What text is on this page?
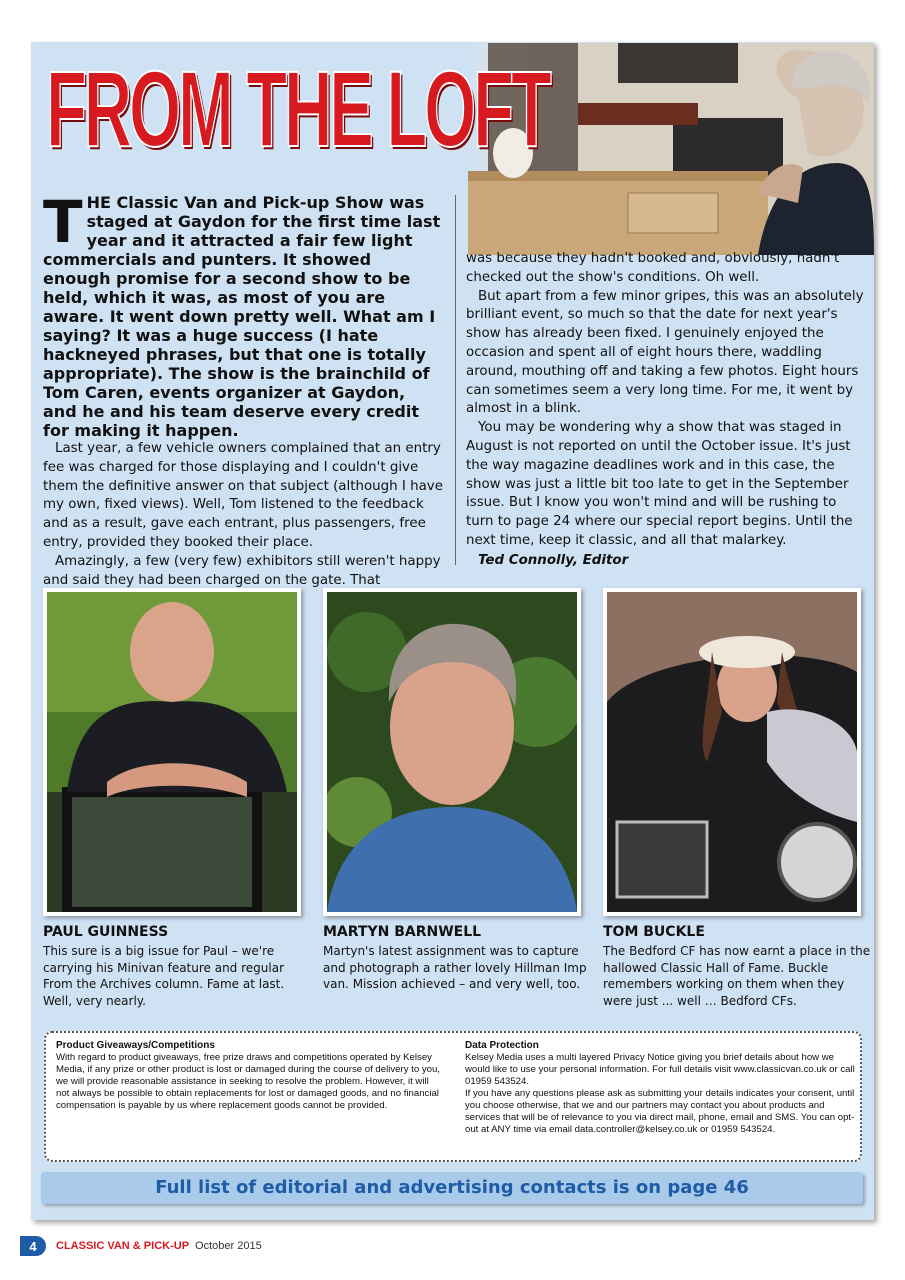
FROM THE LOFT
T HE Classic Van and Pick-up Show was staged at Gaydon for the first time last year and it attracted a fair few light commercials and punters. It showed enough promise for a second show to be held, which it was, as most of you are aware. It went down pretty well. What am I saying? It was a huge success (I hate hackneyed phrases, but that one is totally appropriate). The show is the brainchild of Tom Caren, events organizer at Gaydon, and he and his team deserve every credit for making it happen.

Last year, a few vehicle owners complained that an entry fee was charged for those displaying and I couldn't give them the definitive answer on that subject (although I have my own, fixed views). Well, Tom listened to the feedback and as a result, gave each entrant, plus passengers, free entry, provided they booked their place.

Amazingly, a few (very few) exhibitors still weren't happy and said they had been charged on the gate. That

was because they hadn't booked and, obviously, hadn't checked out the show's conditions. Oh well.

But apart from a few minor gripes, this was an absolutely brilliant event, so much so that the date for next year's show has already been fixed. I genuinely enjoyed the occasion and spent all of eight hours there, waddling around, mouthing off and taking a few photos. Eight hours can sometimes seem a very long time. For me, it went by almost in a blink.

You may be wondering why a show that was staged in August is not reported on until the October issue. It's just the way magazine deadlines work and in this case, the show was just a little bit too late to get in the September issue. But I know you won't mind and will be rushing to turn to page 24 where our special report begins. Until the next time, keep it classic, and all that malarkey.

Ted Connolly, Editor

PAUL GUINNESS

This sure is a big issue for Paul – we're carrying his Minivan feature and regular From the Archives column. Fame at last. Well, very nearly.

MARTYN BARNWELL

Martyn's latest assignment was to capture and photograph a rather lovely Hillman Imp van. Mission achieved – and very well, too.

TOM BUCKLE

The Bedford CF has now earnt a place in the hallowed Classic Hall of Fame. Buckle remembers working on them when they were just ... well … Bedford CFs.

Product Giveaways/Competitions

With regard to product giveaways, free prize draws and competitions operated by Kelsey Media, if any prize or other product is lost or damaged during the course of delivery to you, we will provide reasonable assistance in seeking to resolve the problem. However, it will not always be possible to obtain replacements for lost or damaged goods, and no financial compensation is payable by us where replacement goods cannot be provided.

Data Protection

Kelsey Media uses a multi layered Privacy Notice giving you brief details about how we would like to use your personal information. For full details visit www.classicvan.co.uk or call 01959 543524.

If you have any questions please ask as submitting your details indicates your consent, until you choose otherwise, that we and our partners may contact you about products and services that will be of relevance to you via direct mail, phone, email and SMS. You can opt-out at ANY time via email data.controller@kelsey.co.uk or 01959 543524.

Full list of editorial and advertising contacts is on page 46
4	CLASSIC VAN & PICK-UP October 2015
